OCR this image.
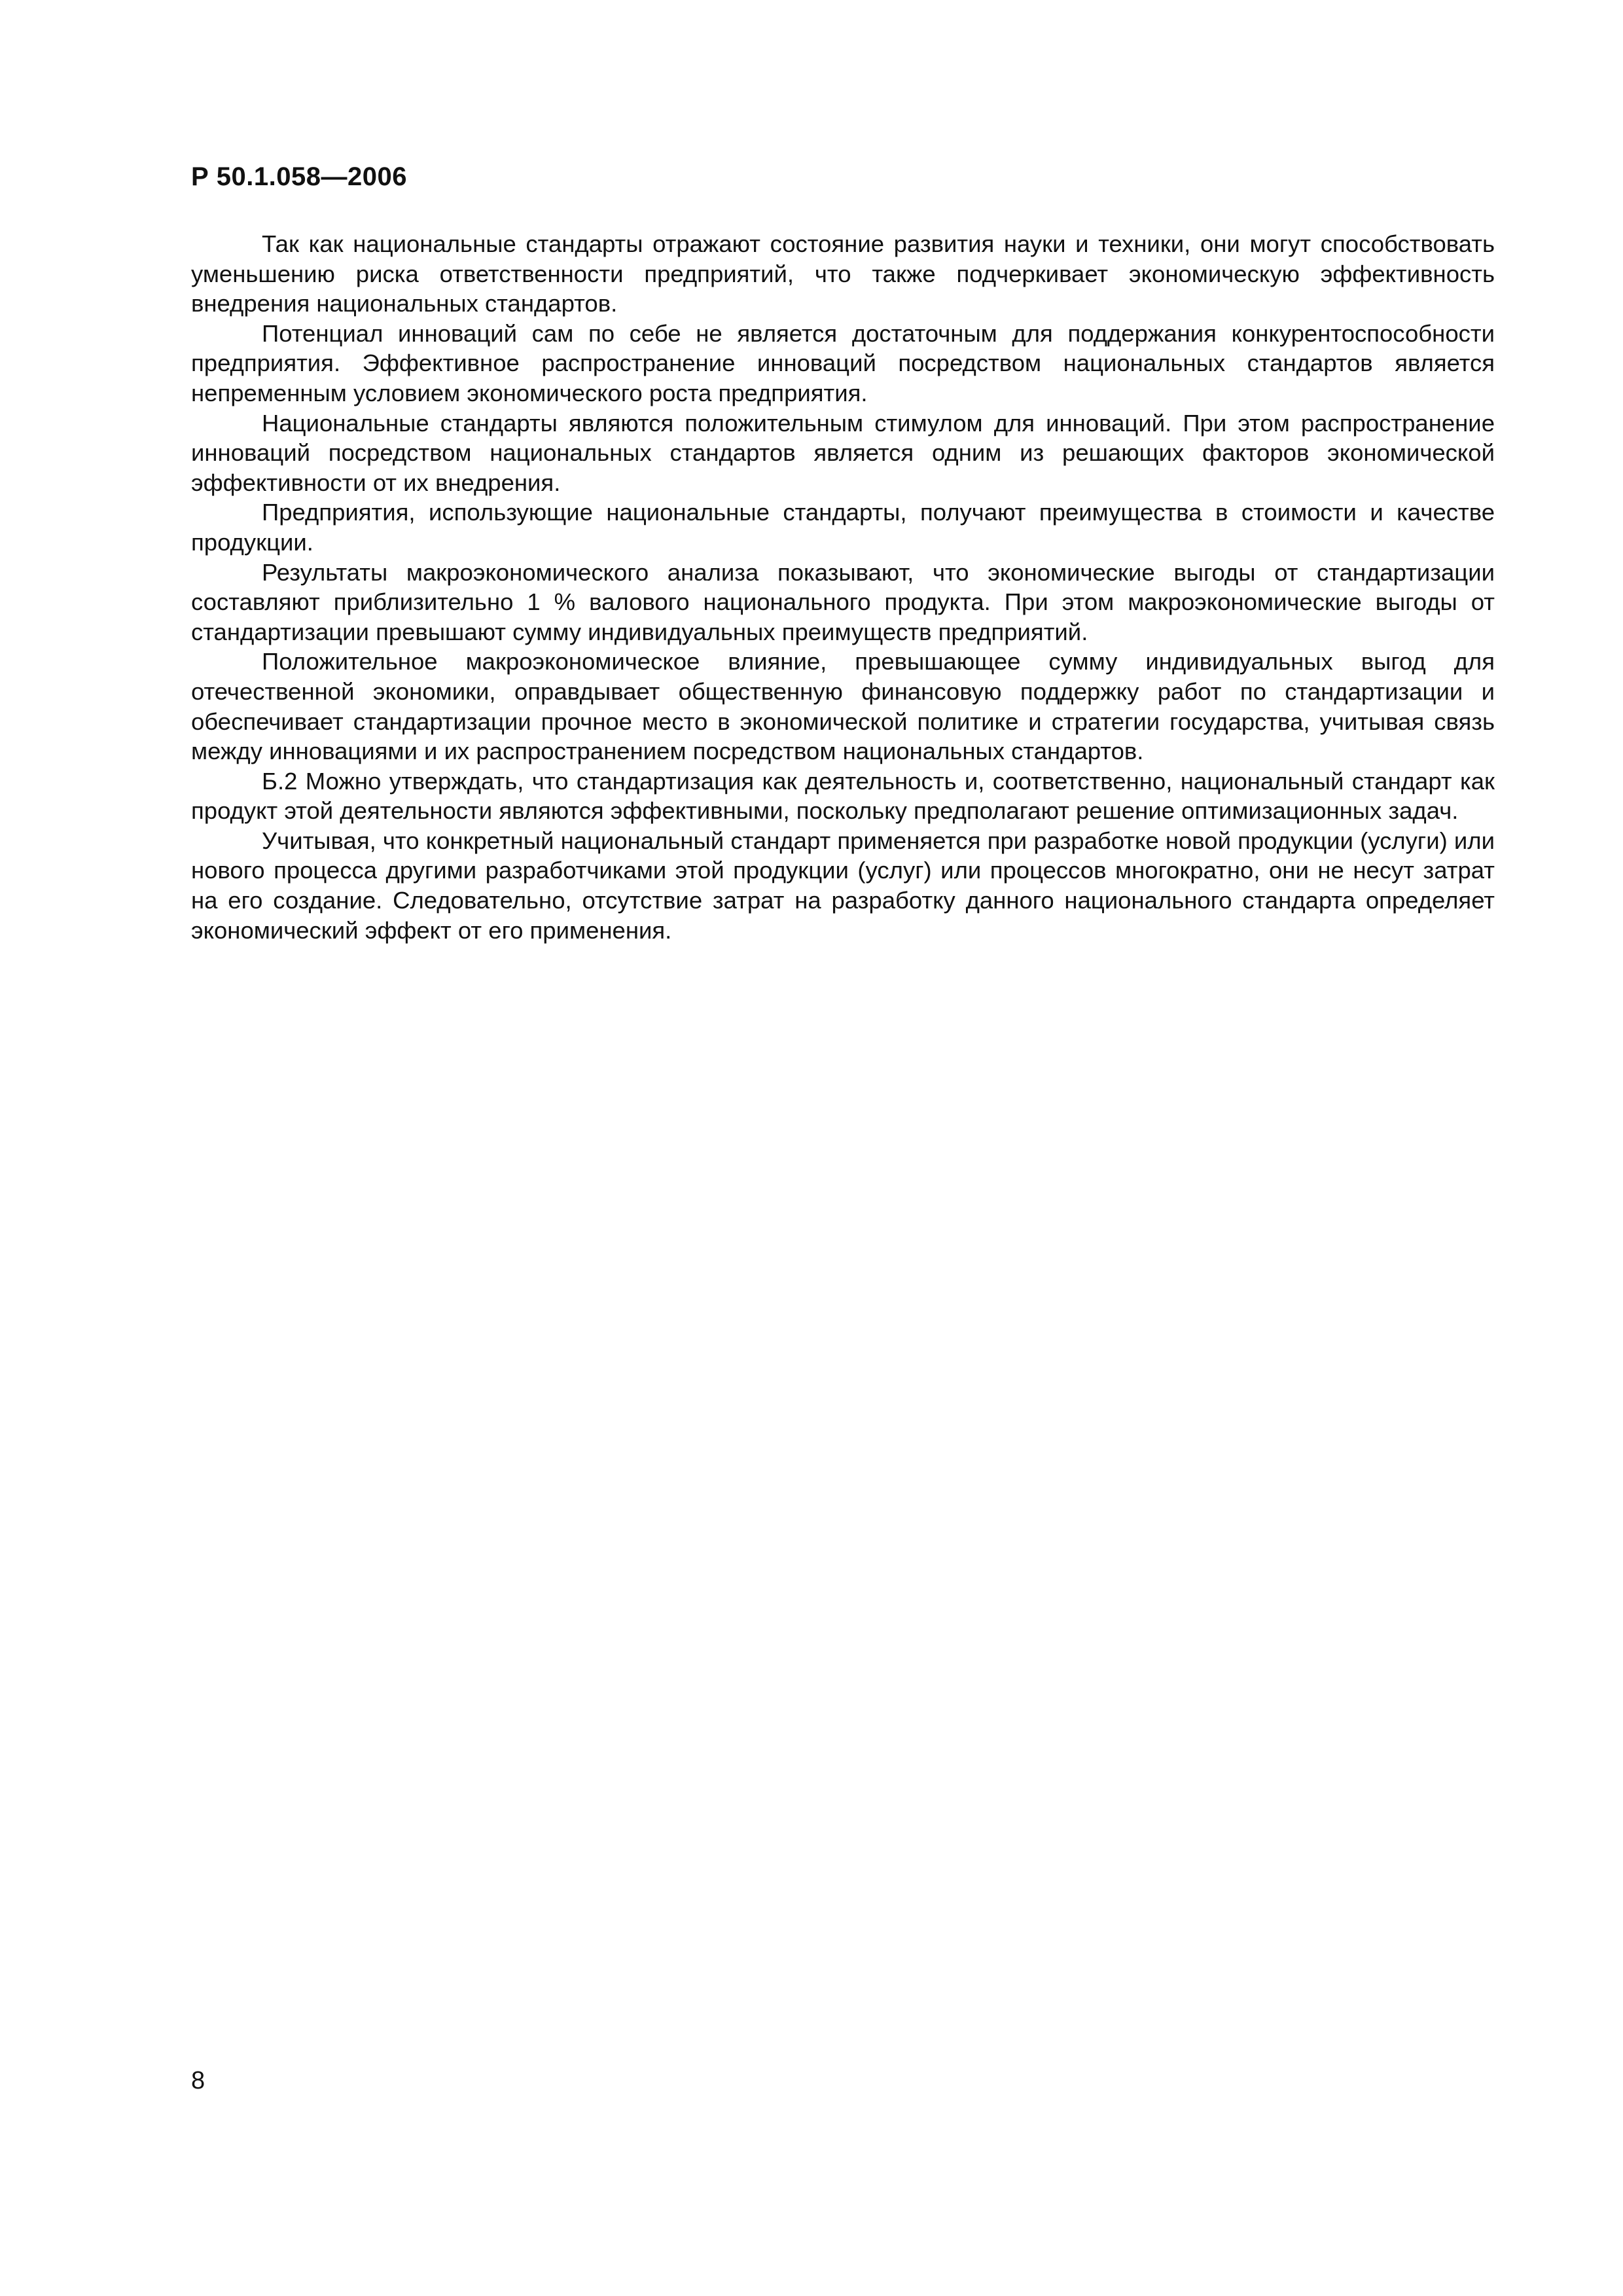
Р 50.1.058—2006

Так как национальные стандарты отражают состояние развития науки и техники, они могут способствовать уменьшению риска ответственности предприятий, что также подчеркивает экономическую эффективность внедрения национальных стандартов.

Потенциал инноваций сам по себе не является достаточным для поддержания конкурентоспособности предприятия. Эффективное распространение инноваций посредством национальных стандартов является непременным условием экономического роста предприятия.

Национальные стандарты являются положительным стимулом для инноваций. При этом распространение инноваций посредством национальных стандартов является одним из решающих факторов экономической эффективности от их внедрения.

Предприятия, использующие национальные стандарты, получают преимущества в стоимости и качестве продукции.

Результаты макроэкономического анализа показывают, что экономические выгоды от стандартизации составляют приблизительно 1 % валового национального продукта. При этом макроэкономические выгоды от стандартизации превышают сумму индивидуальных преимуществ предприятий.

Положительное макроэкономическое влияние, превышающее сумму индивидуальных выгод для отечественной экономики, оправдывает общественную финансовую поддержку работ по стандартизации и обеспечивает стандартизации прочное место в экономической политике и стратегии государства, учитывая связь между инновациями и их распространением посредством национальных стандартов.

Б.2 Можно утверждать, что стандартизация как деятельность и, соответственно, национальный стандарт как продукт этой деятельности являются эффективными, поскольку предполагают решение оптимизационных задач.

Учитывая, что конкретный национальный стандарт применяется при разработке новой продукции (услуги) или нового процесса другими разработчиками этой продукции (услуг) или процессов многократно, они не несут затрат на его создание. Следовательно, отсутствие затрат на разработку данного национального стандарта определяет экономический эффект от его применения.

8
